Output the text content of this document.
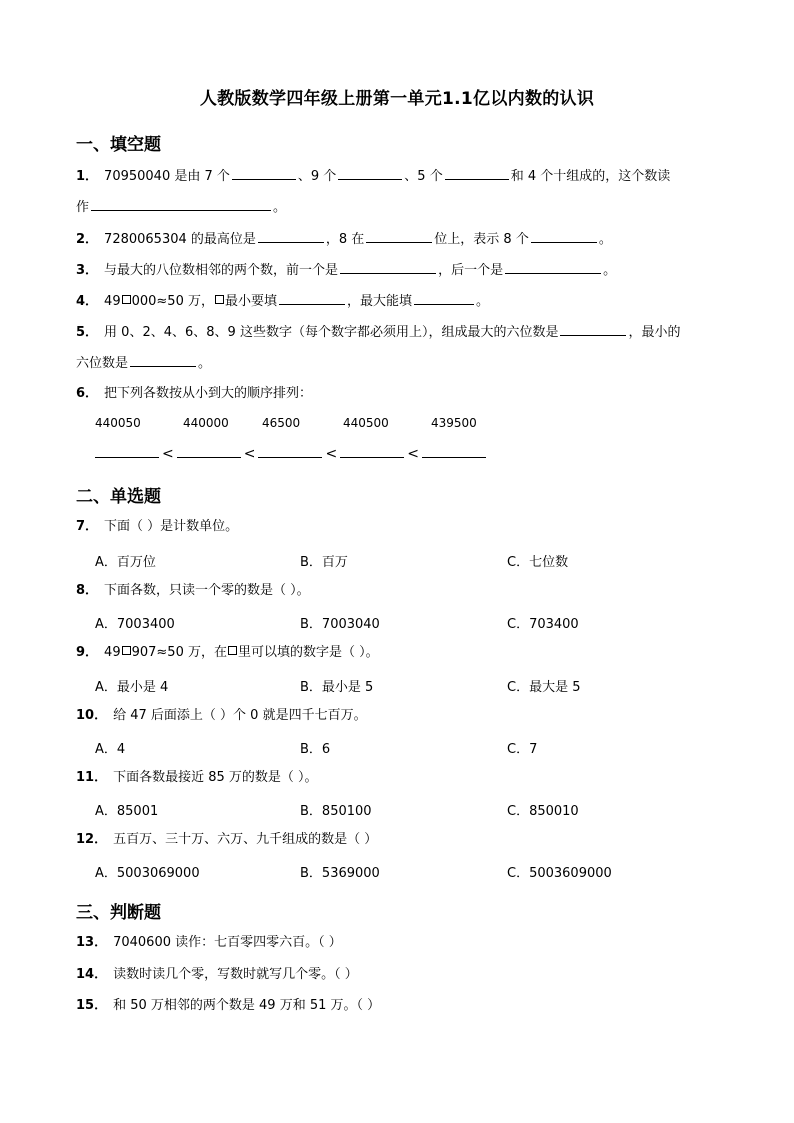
人教版数学四年级上册第一单元1.1亿以内数的认识
一、填空题
1． 70950040 是由 7 个	、9 个	、5 个	和 4 个十组成的，这个数读
作	。
2． 7280065304 的最高位是	，8 在	位上，表示 8 个	。
3． 与最大的八位数相邻的两个数，前一个是	，后一个是	。
4． 49 000≈50 万， 最小要填	，最大能填	。
5． 用 0、2、4、6、8、9 这些数字（每个数字都必须用上），组成最大的六位数是	，最小的
六位数是	。
6． 把下列各数按从小到大的顺序排列：
440050	440000	46500	440500	439500
<	<	<	<
二、单选题
7． 下面（ ）是计数单位。
A．百万位	B．百万	C．七位数
8． 下面各数，只读一个零的数是（ ）。
A．7003400	B．7003040	C．703400
9． 49 907≈50 万，在 里可以填的数字是（ ）。
A．最小是 4	B．最小是 5	C．最大是 5
10． 给 47 后面添上（ ）个 0 就是四千七百万。
A．4	B．6	C．7
11． 下面各数最接近 85 万的数是（ ）。
A．85001	B．850100	C．850010
12． 五百万、三十万、六万、九千组成的数是（ ）
A．5003069000	B．5369000	C．5003609000
三、判断题
13． 7040600 读作：七百零四零六百。（ ）
14． 读数时读几个零，写数时就写几个零。（ ）
15． 和 50 万相邻的两个数是 49 万和 51 万。（ ）
